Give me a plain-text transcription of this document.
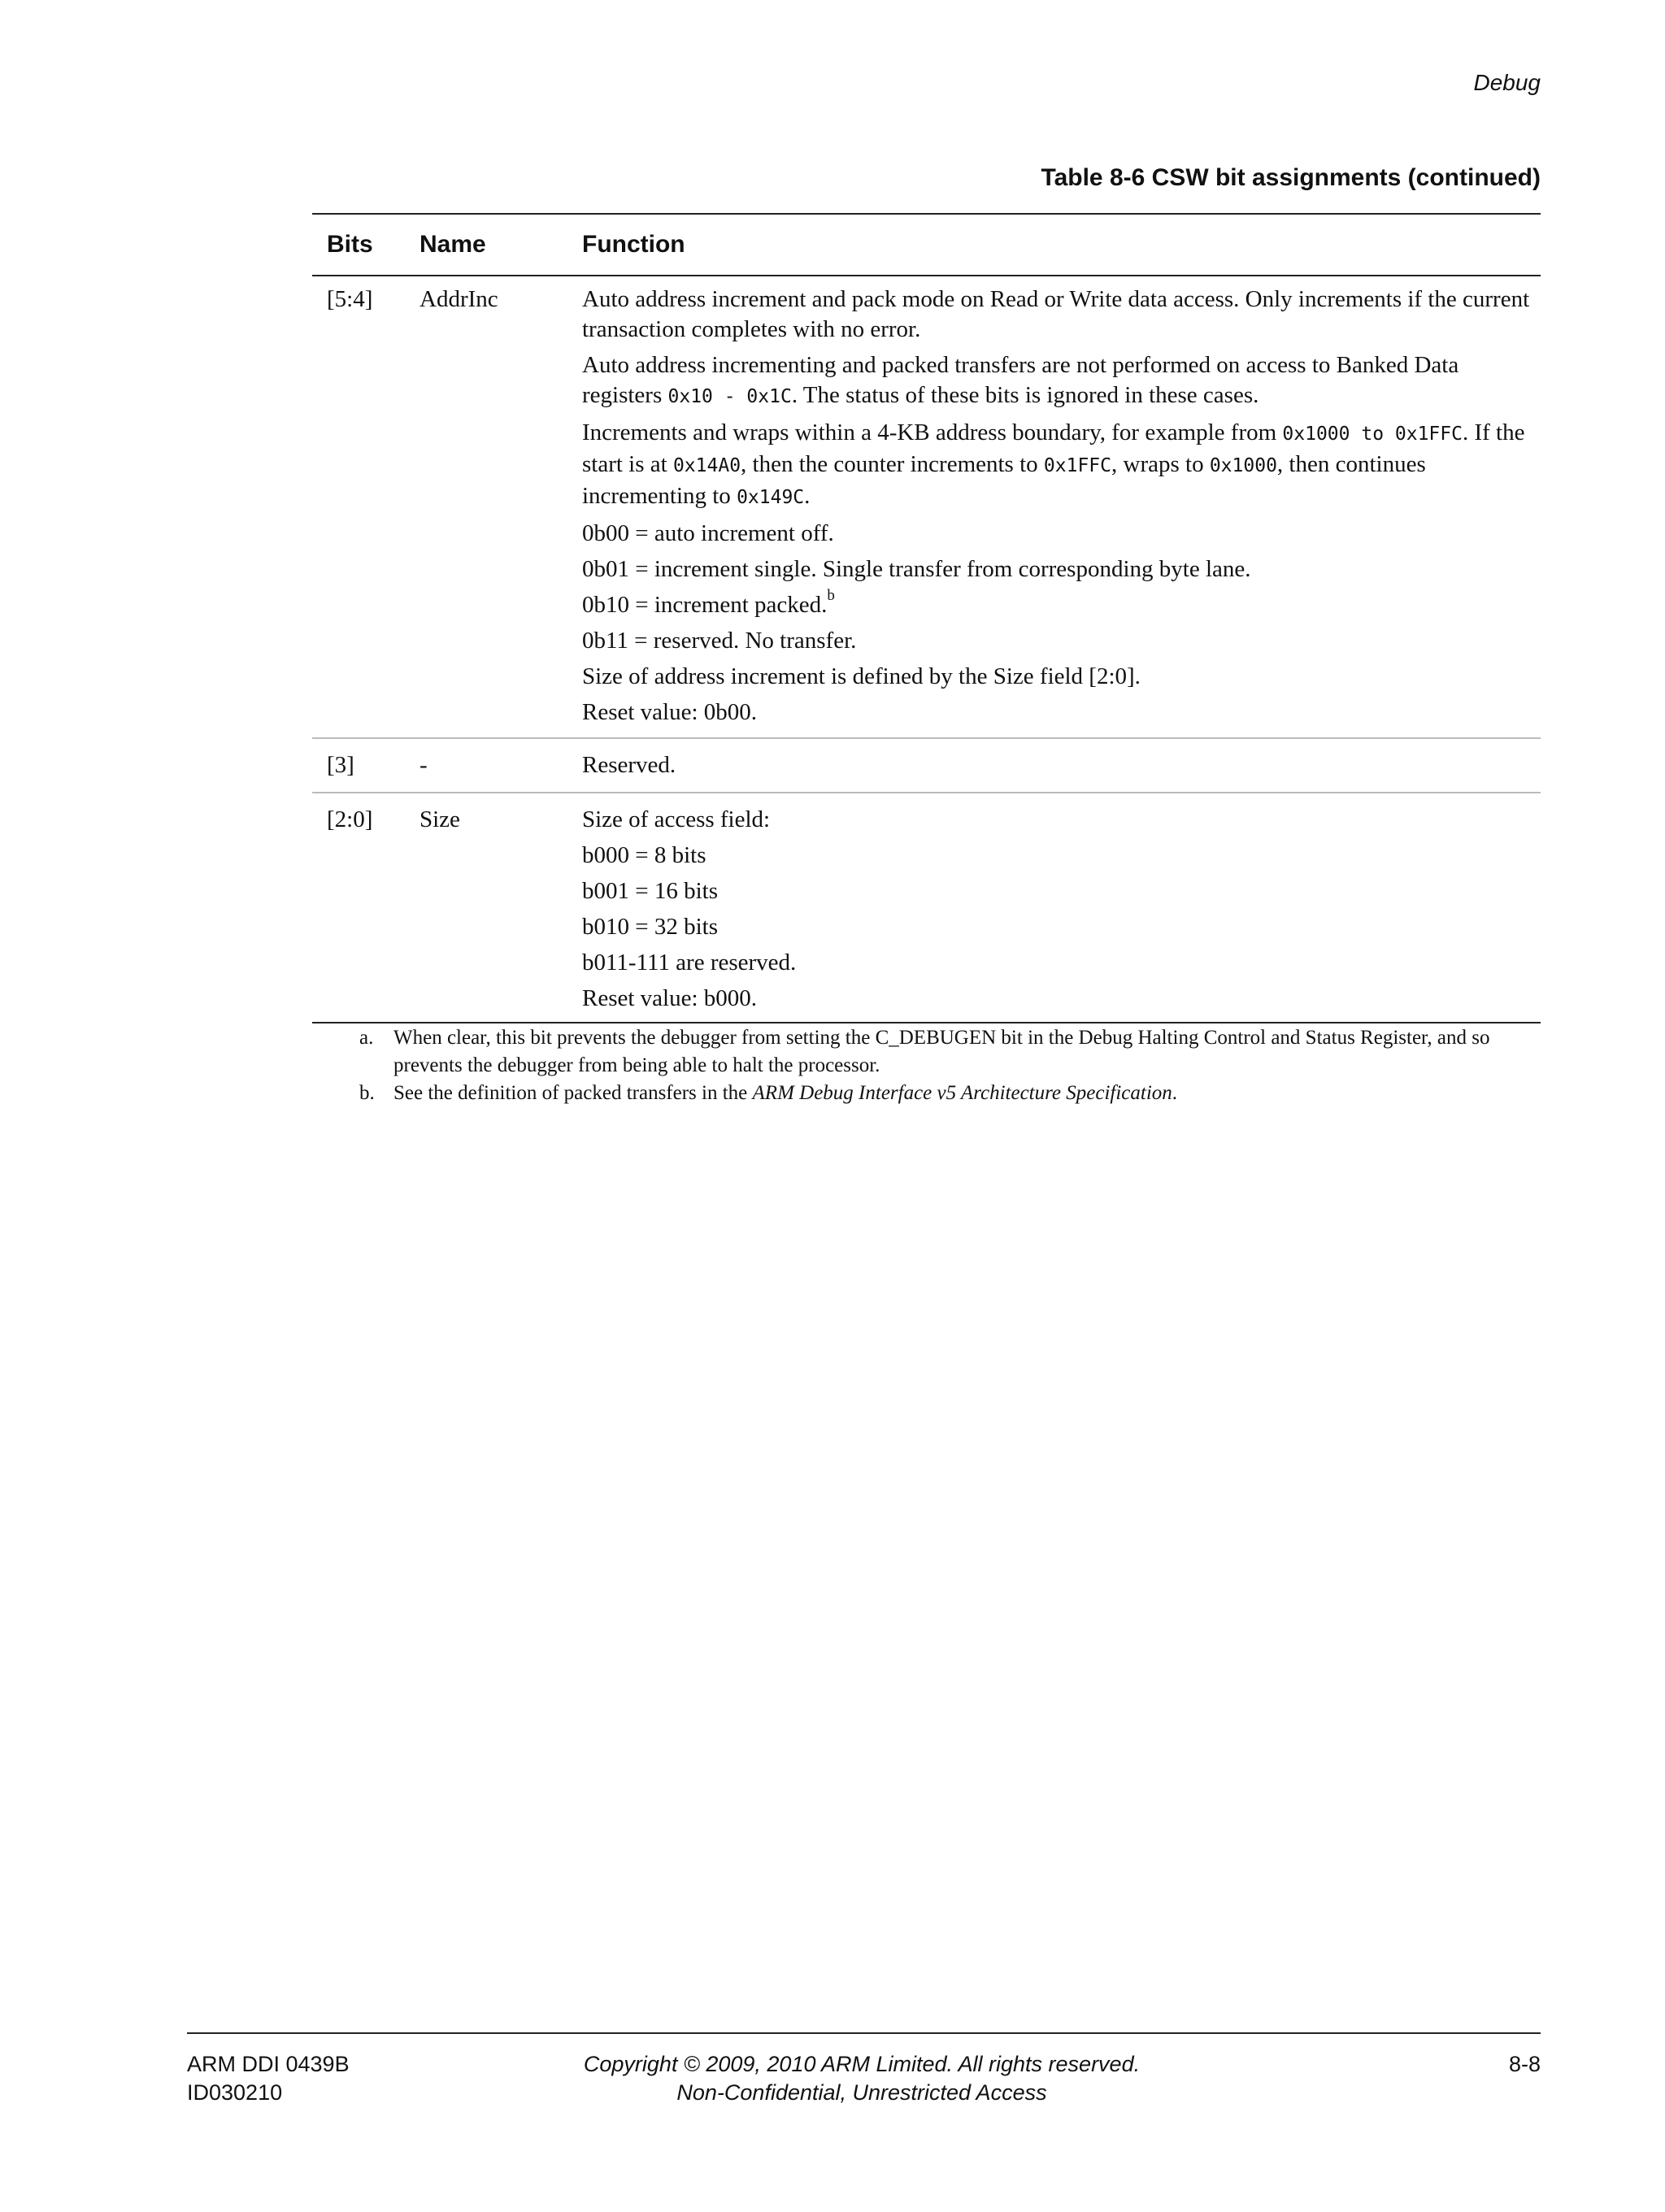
Debug
Table 8-6 CSW bit assignments (continued)
Bits	Name	Function
[5:4]	AddrInc	Auto address increment and pack mode on Read or Write data access. Only increments if the current transaction completes with no error.

Auto address incrementing and packed transfers are not performed on access to Banked Data registers 0x10 - 0x1C. The status of these bits is ignored in these cases.

Increments and wraps within a 4-KB address boundary, for example from 0x1000 to 0x1FFC. If the start is at 0x14A0, then the counter increments to 0x1FFC, wraps to 0x1000, then continues incrementing to 0x149C.

0b00 = auto increment off.
0b01 = increment single. Single transfer from corresponding byte lane.
0b10 = increment packed.$^b$
0b11 = reserved. No transfer.
Size of address increment is defined by the Size field [2:0].
Reset value: 0b00.
[3]	-	Reserved.
[2:0]	Size	Size of access field:
b000 = 8 bits
b001 = 16 bits
b010 = 32 bits
b011-111 are reserved.
Reset value: b000.
a. When clear, this bit prevents the debugger from setting the C_DEBUGEN bit in the Debug Halting Control and Status Register, and so prevents the debugger from being able to halt the processor.
b. See the definition of packed transfers in the ARM Debug Interface v5 Architecture Specification.
ARM DDI 0439B
ID030210
Copyright © 2009, 2010 ARM Limited. All rights reserved.
Non-Confidential, Unrestricted Access
8-8
